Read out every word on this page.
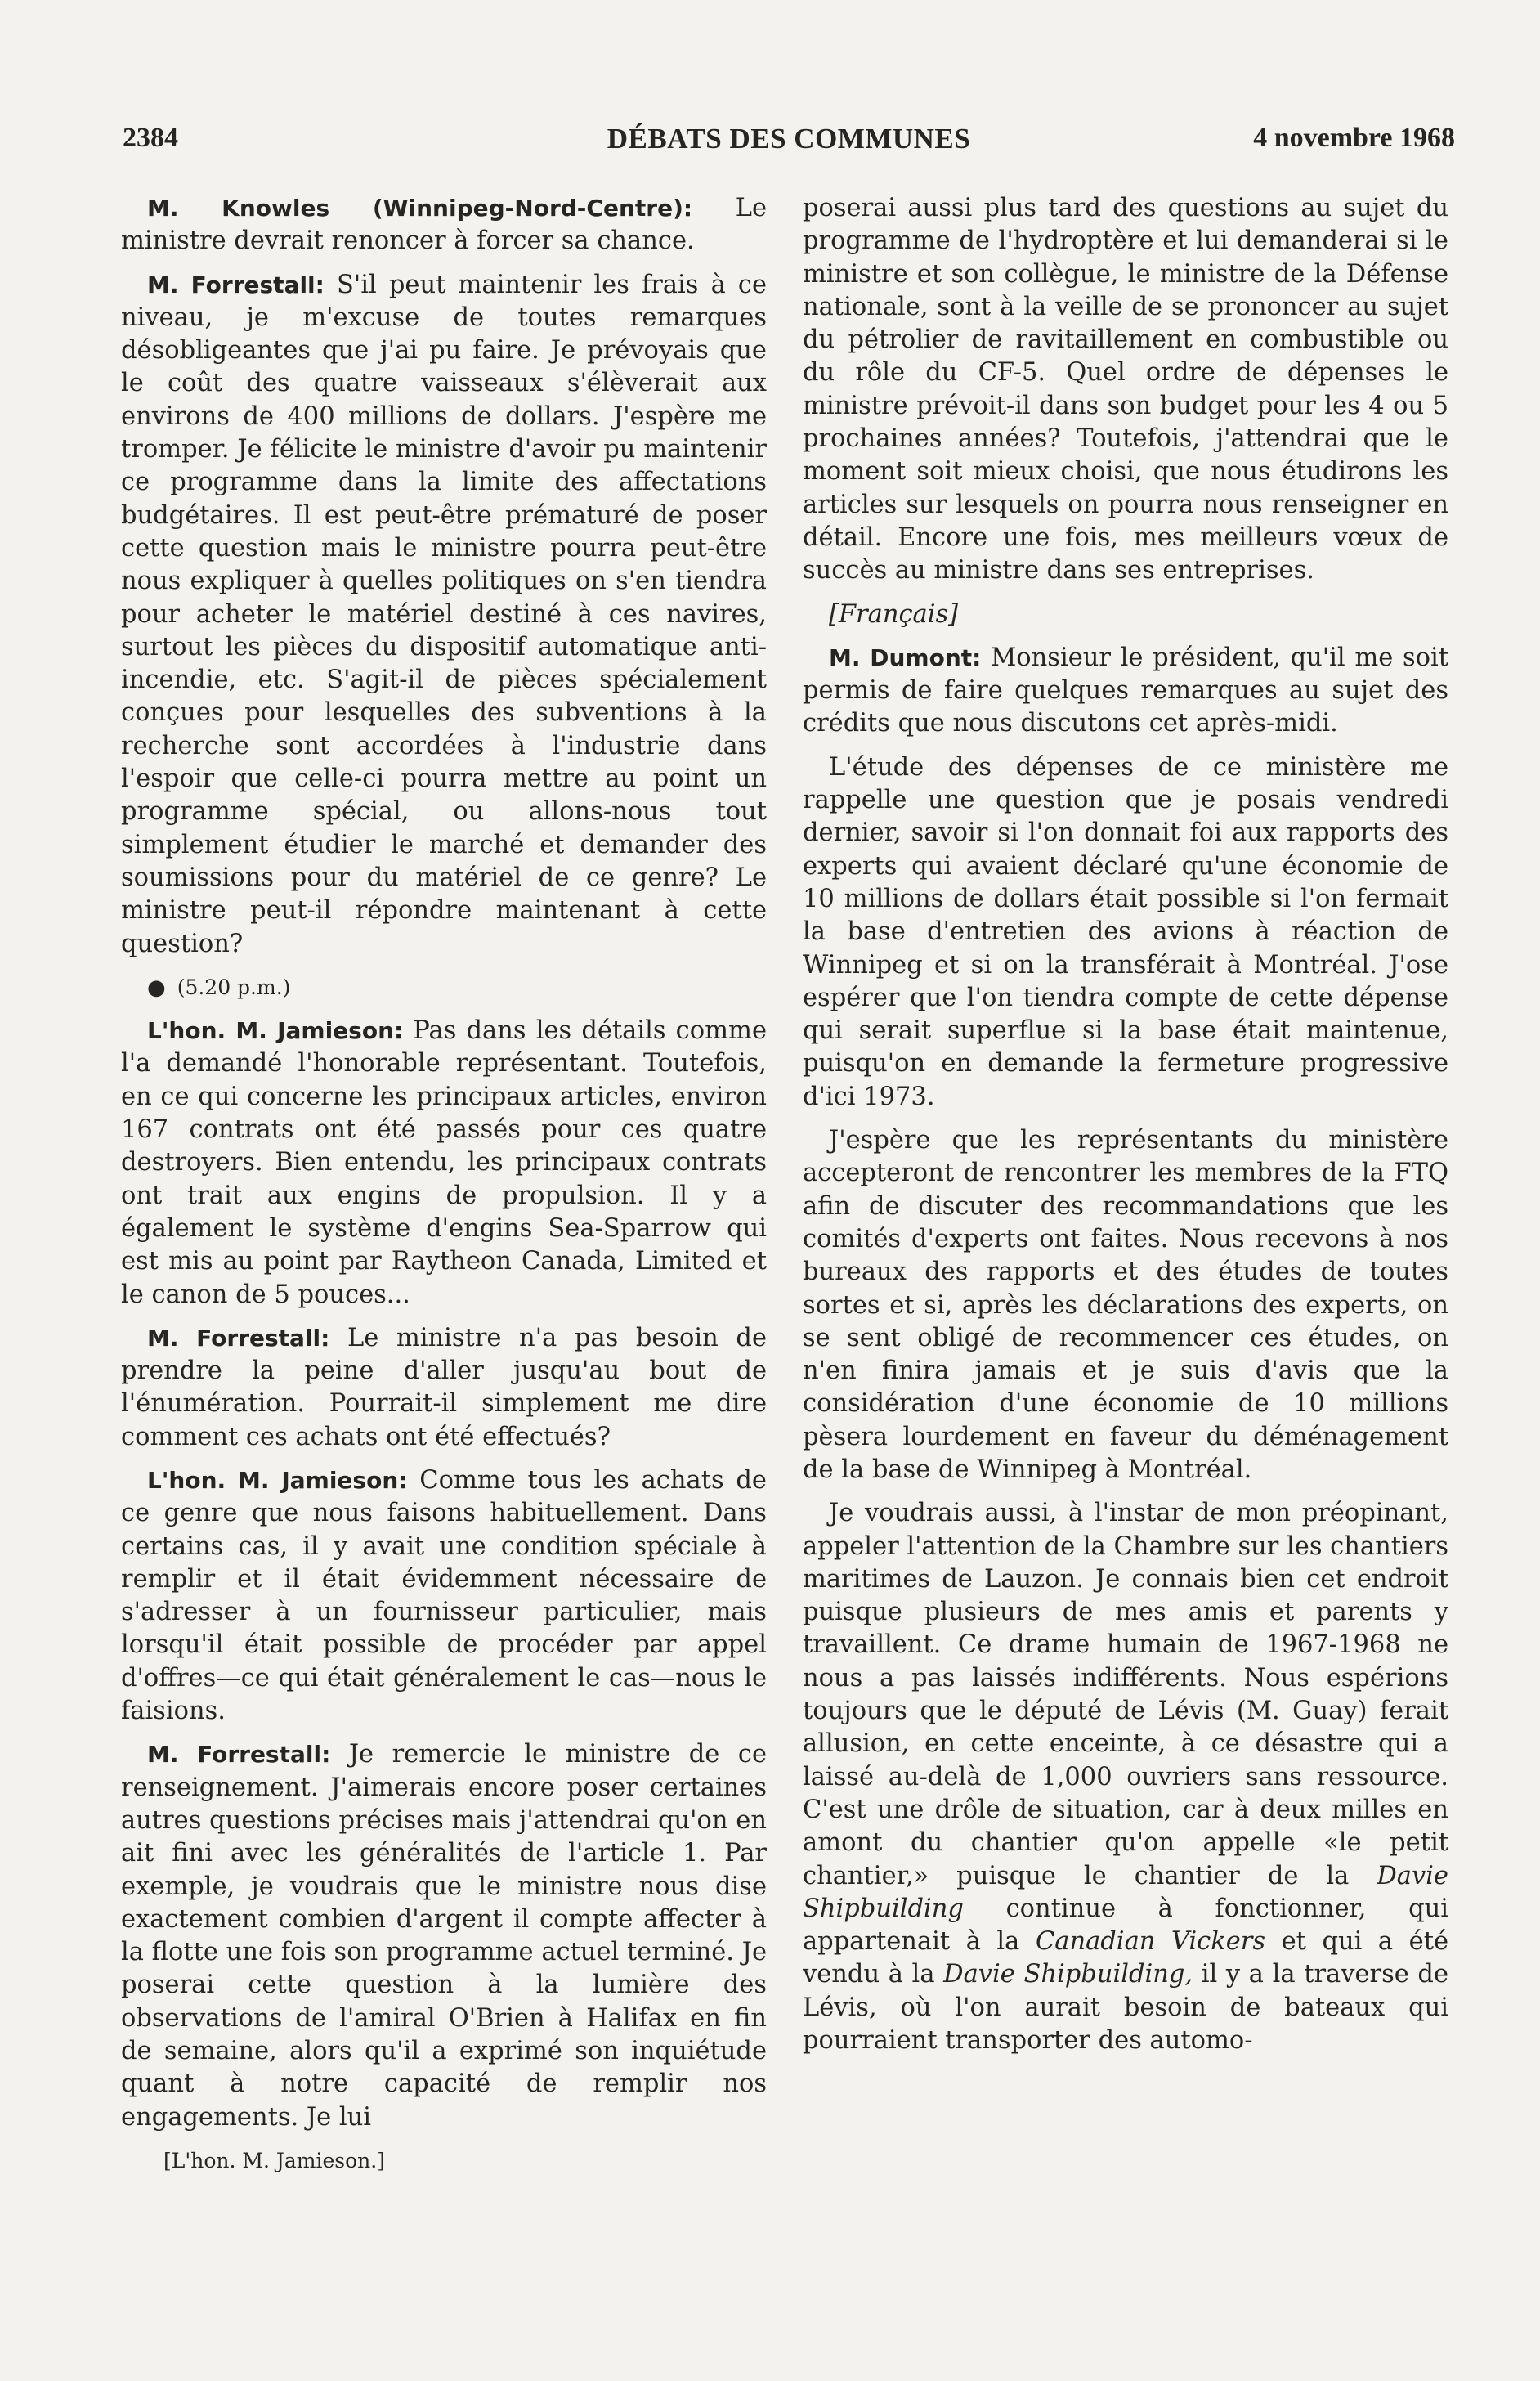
2384	DÉBATS DES COMMUNES	4 novembre 1968

M. Knowles (Winnipeg-Nord-Centre): Le ministre devrait renoncer à forcer sa chance.

M. Forrestall: S'il peut maintenir les frais à ce niveau, je m'excuse de toutes remarques désobligeantes que j'ai pu faire. Je prévoyais que le coût des quatre vaisseaux s'élèverait aux environs de 400 millions de dollars. J'espère me tromper. Je félicite le ministre d'avoir pu maintenir ce programme dans la limite des affectations budgétaires. Il est peut-être prématuré de poser cette question mais le ministre pourra peut-être nous expliquer à quelles politiques on s'en tiendra pour acheter le matériel destiné à ces navires, surtout les pièces du dispositif automatique anti-incendie, etc. S'agit-il de pièces spécialement conçues pour lesquelles des subventions à la recherche sont accordées à l'industrie dans l'espoir que celle-ci pourra mettre au point un programme spécial, ou allons-nous tout simplement étudier le marché et demander des soumissions pour du matériel de ce genre? Le ministre peut-il répondre maintenant à cette question?

● (5.20 p.m.)

L'hon. M. Jamieson: Pas dans les détails comme l'a demandé l'honorable représentant. Toutefois, en ce qui concerne les principaux articles, environ 167 contrats ont été passés pour ces quatre destroyers. Bien entendu, les principaux contrats ont trait aux engins de propulsion. Il y a également le système d'engins Sea-Sparrow qui est mis au point par Raytheon Canada, Limited et le canon de 5 pouces...

M. Forrestall: Le ministre n'a pas besoin de prendre la peine d'aller jusqu'au bout de l'énumération. Pourrait-il simplement me dire comment ces achats ont été effectués?

L'hon. M. Jamieson: Comme tous les achats de ce genre que nous faisons habituellement. Dans certains cas, il y avait une condition spéciale à remplir et il était évidemment nécessaire de s'adresser à un fournisseur particulier, mais lorsqu'il était possible de procéder par appel d'offres—ce qui était généralement le cas—nous le faisions.

M. Forrestall: Je remercie le ministre de ce renseignement. J'aimerais encore poser certaines autres questions précises mais j'attendrai qu'on en ait fini avec les généralités de l'article 1. Par exemple, je voudrais que le ministre nous dise exactement combien d'argent il compte affecter à la flotte une fois son programme actuel terminé. Je poserai cette question à la lumière des observations de l'amiral O'Brien à Halifax en fin de semaine, alors qu'il a exprimé son inquiétude quant à notre capacité de remplir nos engagements. Je lui

[L'hon. M. Jamieson.]

poserai aussi plus tard des questions au sujet du programme de l'hydroptère et lui demanderai si le ministre et son collègue, le ministre de la Défense nationale, sont à la veille de se prononcer au sujet du pétrolier de ravitaillement en combustible ou du rôle du CF-5. Quel ordre de dépenses le ministre prévoit-il dans son budget pour les 4 ou 5 prochaines années? Toutefois, j'attendrai que le moment soit mieux choisi, que nous étudirons les articles sur lesquels on pourra nous renseigner en détail. Encore une fois, mes meilleurs vœux de succès au ministre dans ses entreprises.

[Français]

M. Dumont: Monsieur le président, qu'il me soit permis de faire quelques remarques au sujet des crédits que nous discutons cet après-midi.

L'étude des dépenses de ce ministère me rappelle une question que je posais vendredi dernier, savoir si l'on donnait foi aux rapports des experts qui avaient déclaré qu'une économie de 10 millions de dollars était possible si l'on fermait la base d'entretien des avions à réaction de Winnipeg et si on la transférait à Montréal. J'ose espérer que l'on tiendra compte de cette dépense qui serait superflue si la base était maintenue, puisqu'on en demande la fermeture progressive d'ici 1973.

J'espère que les représentants du ministère accepteront de rencontrer les membres de la FTQ afin de discuter des recommandations que les comités d'experts ont faites. Nous recevons à nos bureaux des rapports et des études de toutes sortes et si, après les déclarations des experts, on se sent obligé de recommencer ces études, on n'en finira jamais et je suis d'avis que la considération d'une économie de 10 millions pèsera lourdement en faveur du déménagement de la base de Winnipeg à Montréal.

Je voudrais aussi, à l'instar de mon préopinant, appeler l'attention de la Chambre sur les chantiers maritimes de Lauzon. Je connais bien cet endroit puisque plusieurs de mes amis et parents y travaillent. Ce drame humain de 1967-1968 ne nous a pas laissés indifférents. Nous espérions toujours que le député de Lévis (M. Guay) ferait allusion, en cette enceinte, à ce désastre qui a laissé au-delà de 1,000 ouvriers sans ressource. C'est une drôle de situation, car à deux milles en amont du chantier qu'on appelle «le petit chantier,» puisque le chantier de la Davie Shipbuilding continue à fonctionner, qui appartenait à la Canadian Vickers et qui a été vendu à la Davie Shipbuilding, il y a la traverse de Lévis, où l'on aurait besoin de bateaux qui pourraient transporter des automo-
